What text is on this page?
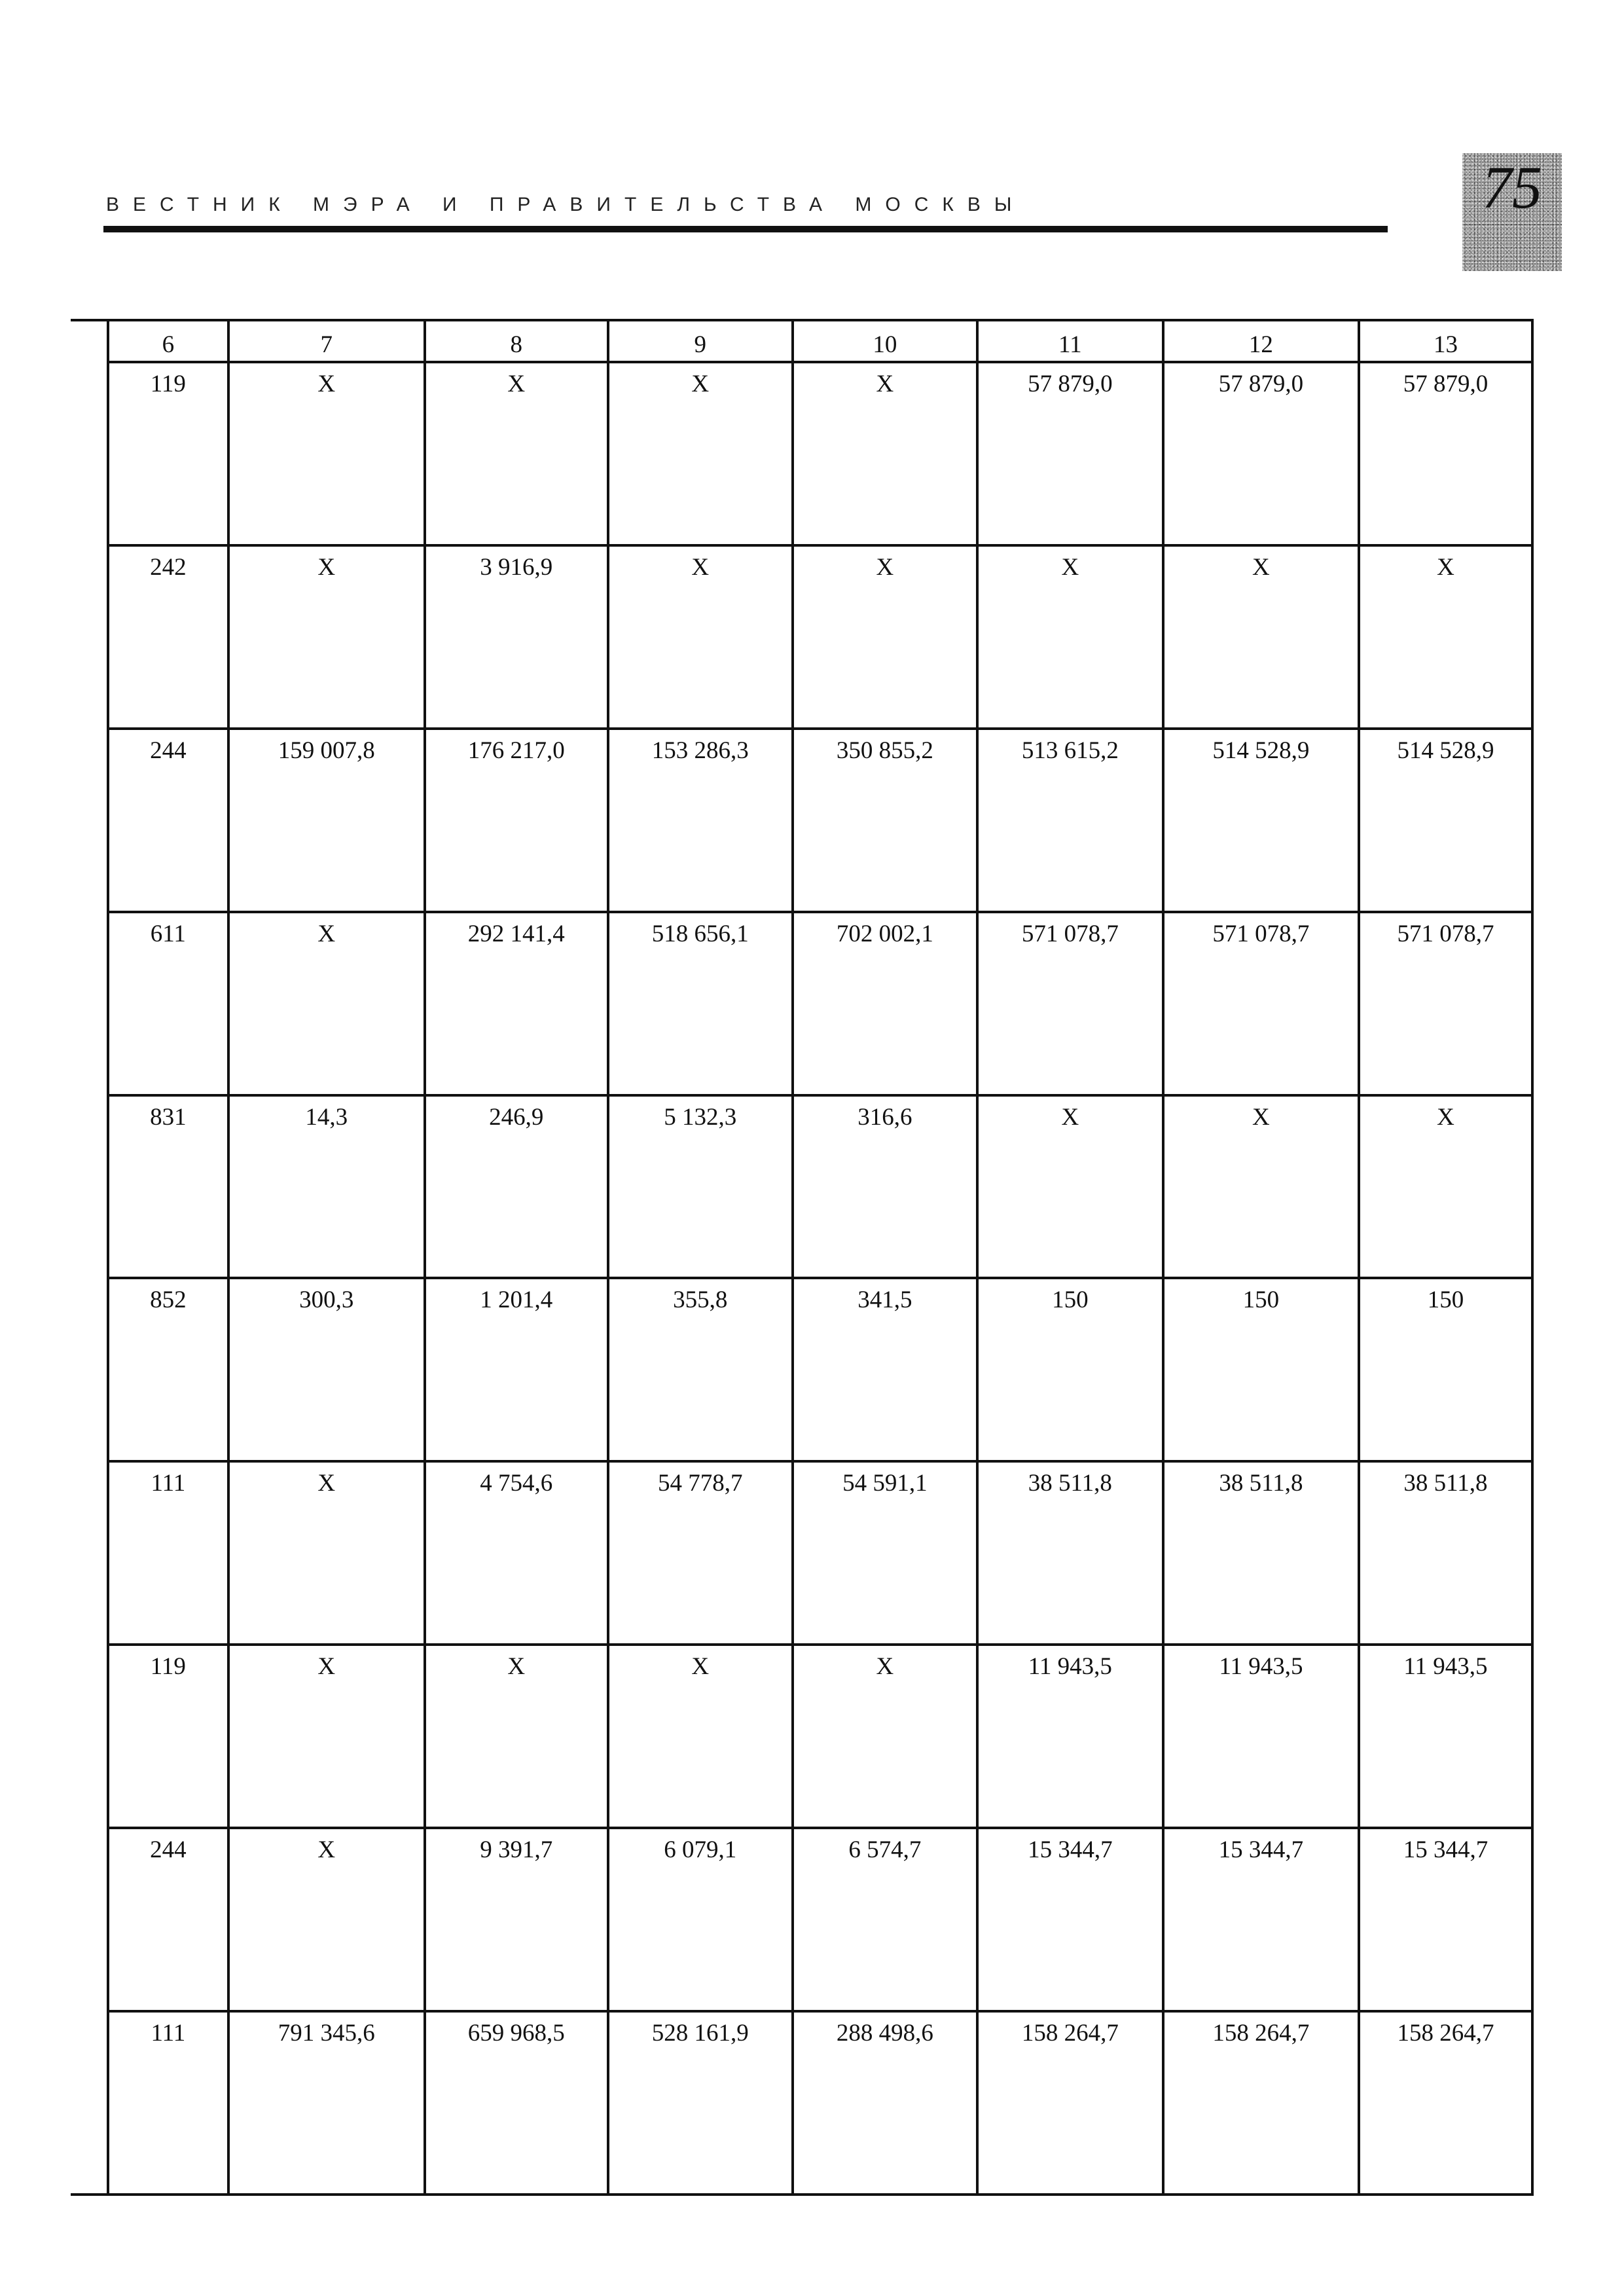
ВЕСТНИК МЭРА И ПРАВИТЕЛЬСТВА МОСКВЫ	75
6	7	8	9	10	11	12	13
119	X	X	X	X	57 879,0	57 879,0	57 879,0
242	X	3 916,9	X	X	X	X	X
244	159 007,8	176 217,0	153 286,3	350 855,2	513 615,2	514 528,9	514 528,9
611	X	292 141,4	518 656,1	702 002,1	571 078,7	571 078,7	571 078,7
831	14,3	246,9	5 132,3	316,6	X	X	X
852	300,3	1 201,4	355,8	341,5	150	150	150
111	X	4 754,6	54 778,7	54 591,1	38 511,8	38 511,8	38 511,8
119	X	X	X	X	11 943,5	11 943,5	11 943,5
244	X	9 391,7	6 079,1	6 574,7	15 344,7	15 344,7	15 344,7
111	791 345,6	659 968,5	528 161,9	288 498,6	158 264,7	158 264,7	158 264,7
